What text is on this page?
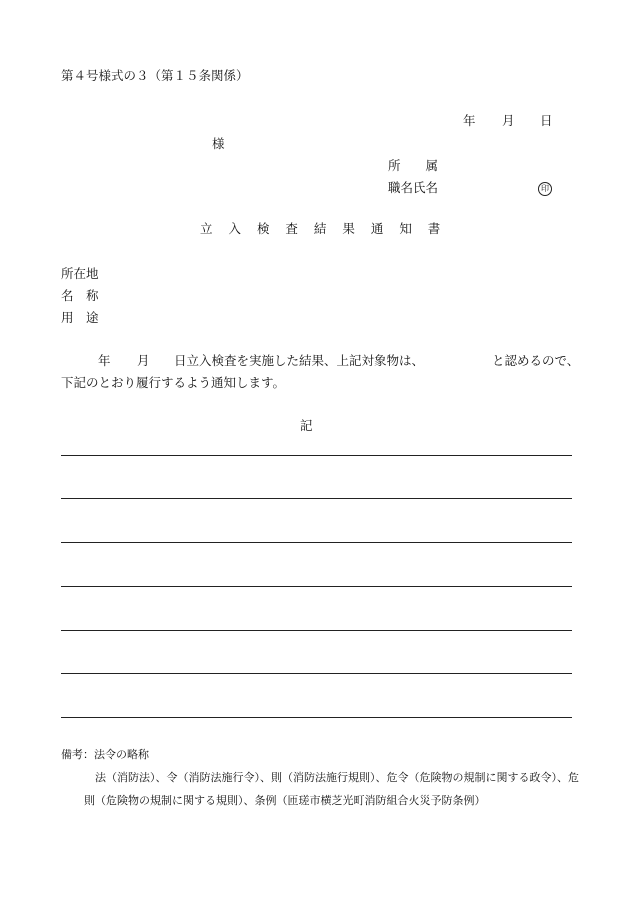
第４号様式の３（第１５条関係）
年 月 日
様
所　　属
職名氏名	印
立 入 検 査 結 果 通 知 書
所在地
名　称
用　途
年 月 日立入検査を実施した結果、上記対象物は、	と認めるので、
下記のとおり履行するよう通知します。
記
備考：法令の略称
法（消防法）、令（消防法施行令）、則（消防法施行規則）、危令（危険物の規制に関する政令）、危
則（危険物の規制に関する規則）、条例（匝瑳市横芝光町消防組合火災予防条例）
